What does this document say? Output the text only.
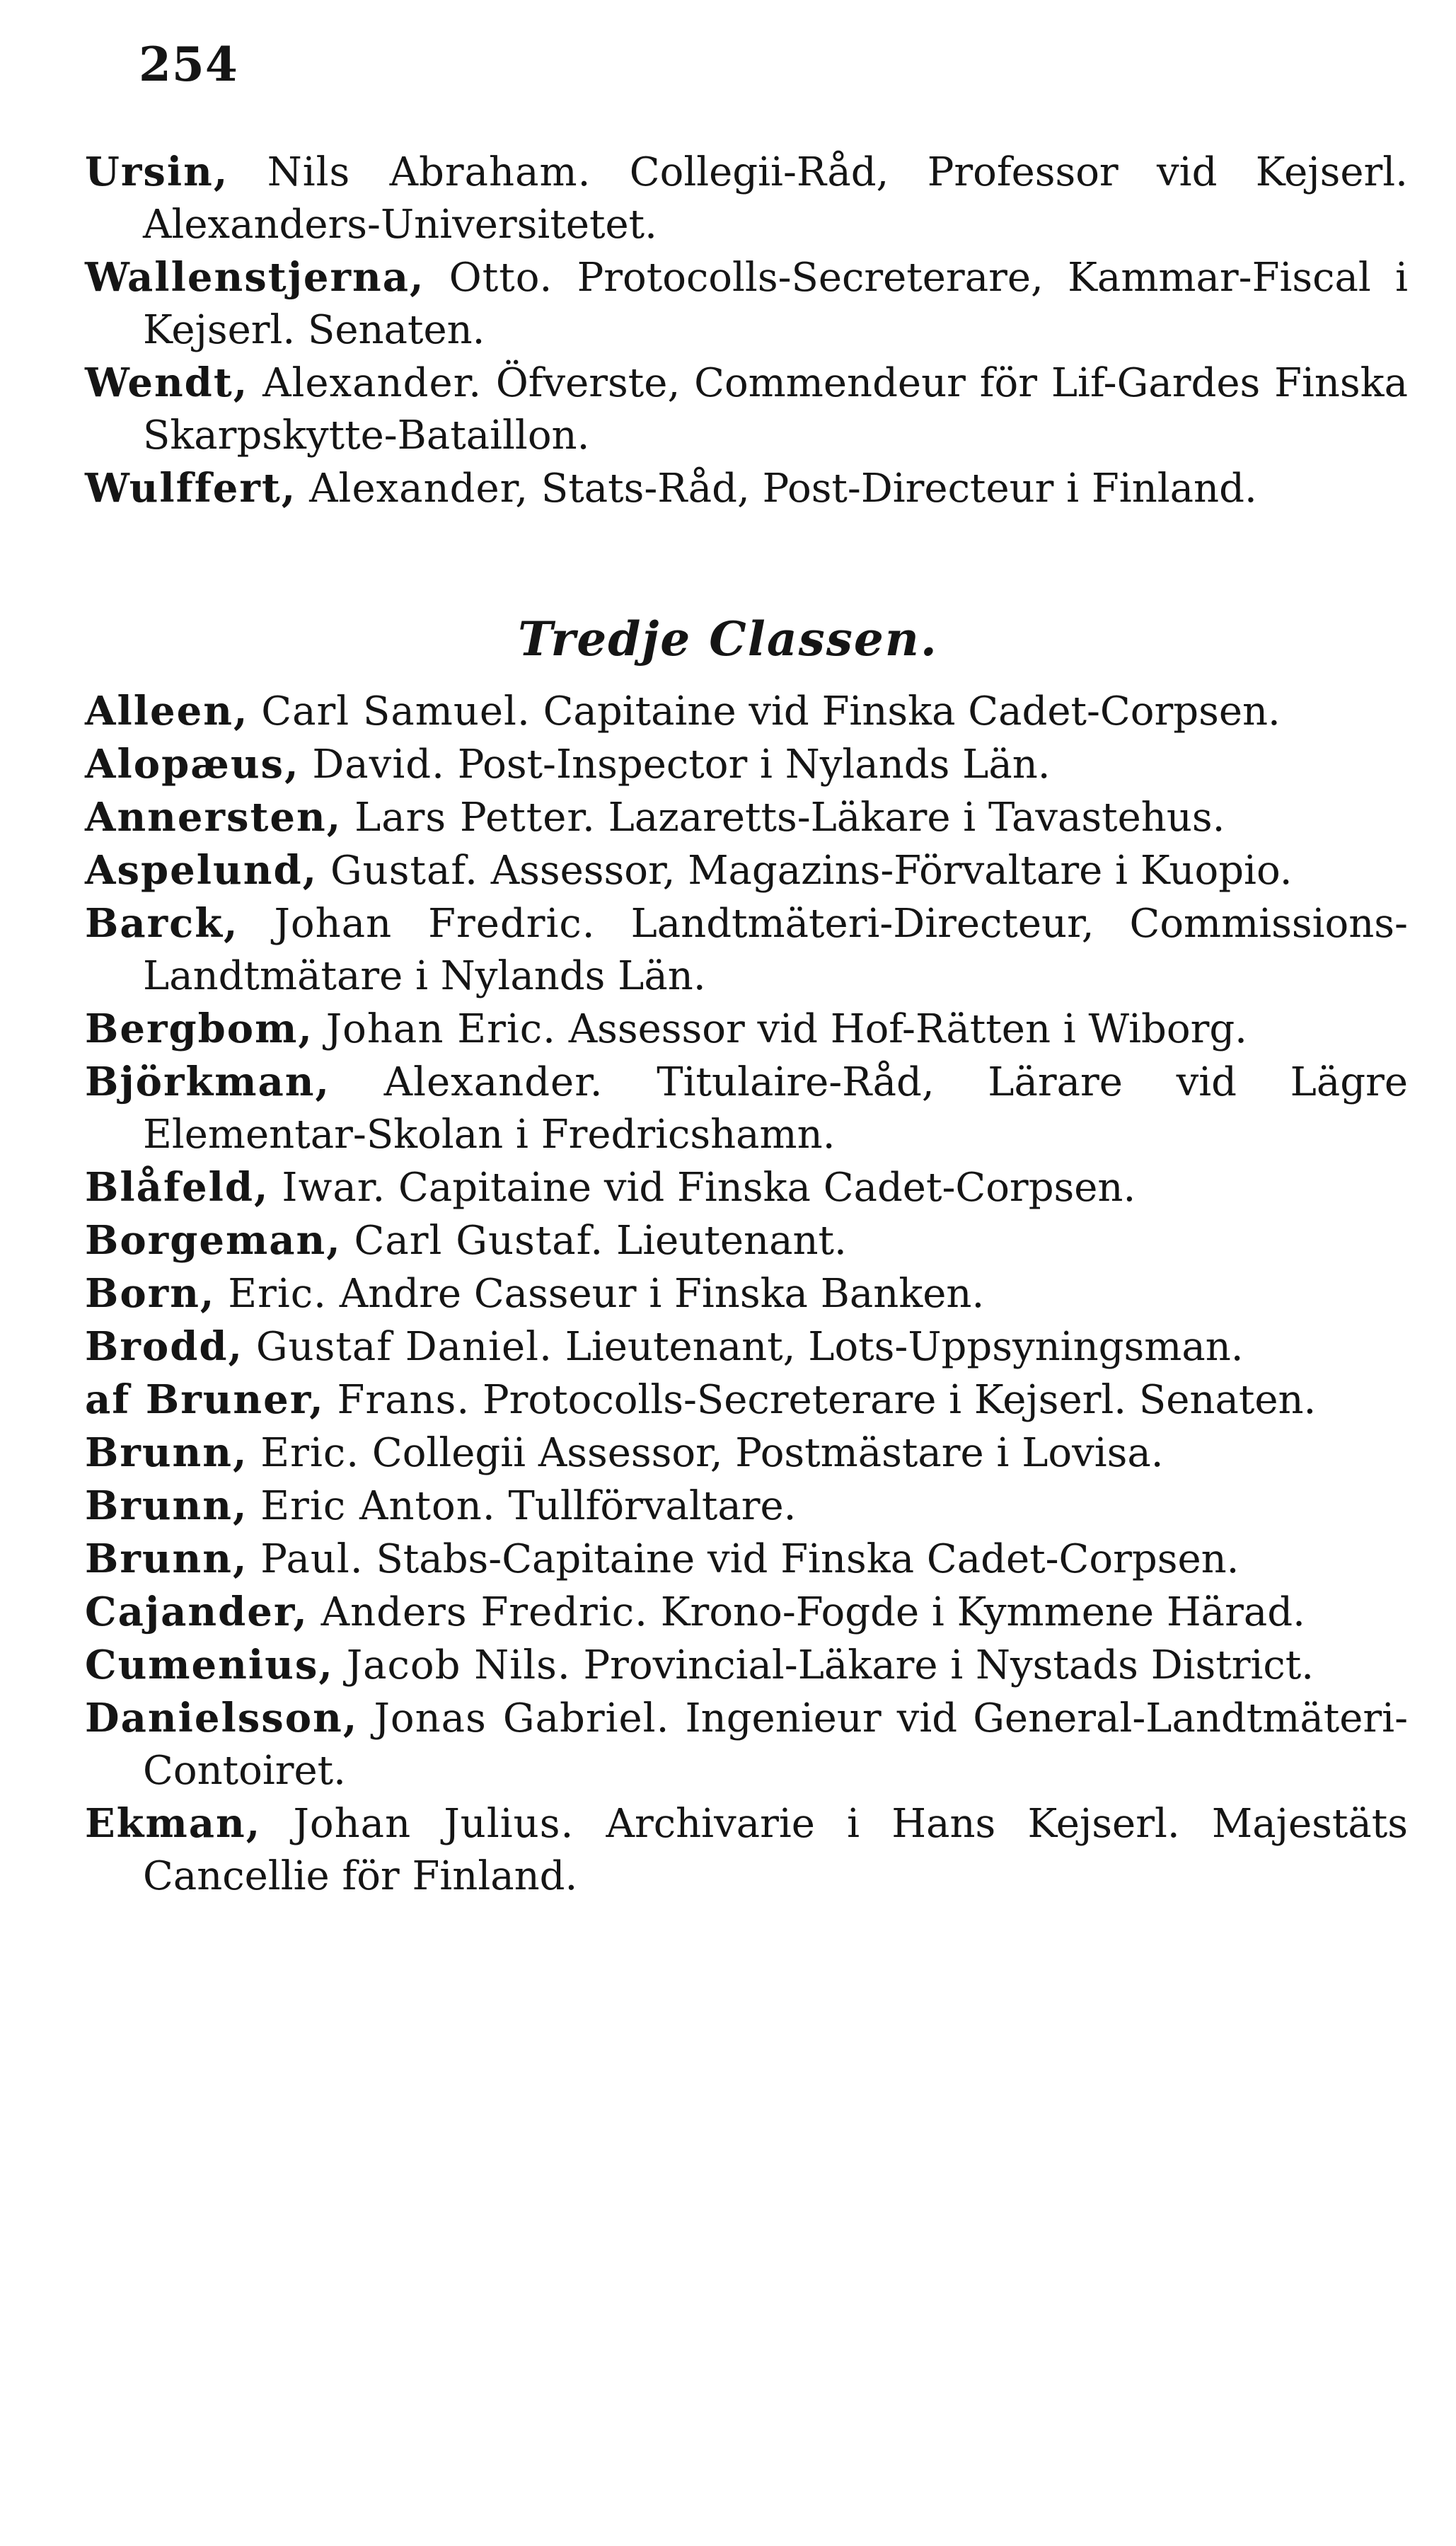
254

Ursin, Nils Abraham. Collegii-Råd, Professor vid Kejserl. Alexanders-Universitetet.

Wallenstjerna, Otto. Protocolls-Secreterare, Kammar-Fiscal i Kejserl. Senaten.

Wendt, Alexander. Öfverste, Commendeur för Lif-Gardes Finska Skarpskytte-Bataillon.

Wulffert, Alexander, Stats-Råd, Post-Directeur i Finland.

Tredje Classen.

Alleen, Carl Samuel. Capitaine vid Finska Cadet-Corpsen.

Alopæus, David. Post-Inspector i Nylands Län.

Annersten, Lars Petter. Lazaretts-Läkare i Tavastehus.

Aspelund, Gustaf. Assessor, Magazins-Förvaltare i Kuopio.

Barck, Johan Fredric. Landtmäteri-Directeur, Commissions-Landtmätare i Nylands Län.

Bergbom, Johan Eric. Assessor vid Hof-Rätten i Wiborg.

Björkman, Alexander. Titulaire-Råd, Lärare vid Lägre Elementar-Skolan i Fredricshamn.

Blåfeld, Iwar. Capitaine vid Finska Cadet-Corpsen.

Borgeman, Carl Gustaf. Lieutenant.

Born, Eric. Andre Casseur i Finska Banken.

Brodd, Gustaf Daniel. Lieutenant, Lots-Uppsyningsman.

af Bruner, Frans. Protocolls-Secreterare i Kejserl. Senaten.

Brunn, Eric. Collegii Assessor, Postmästare i Lovisa.

Brunn, Eric Anton. Tullförvaltare.

Brunn, Paul. Stabs-Capitaine vid Finska Cadet-Corpsen.

Cajander, Anders Fredric. Krono-Fogde i Kymmene Härad.

Cumenius, Jacob Nils. Provincial-Läkare i Nystads District.

Danielsson, Jonas Gabriel. Ingenieur vid General-Landtmäteri-Contoiret.

Ekman, Johan Julius. Archivarie i Hans Kejserl. Majestäts Cancellie för Finland.
